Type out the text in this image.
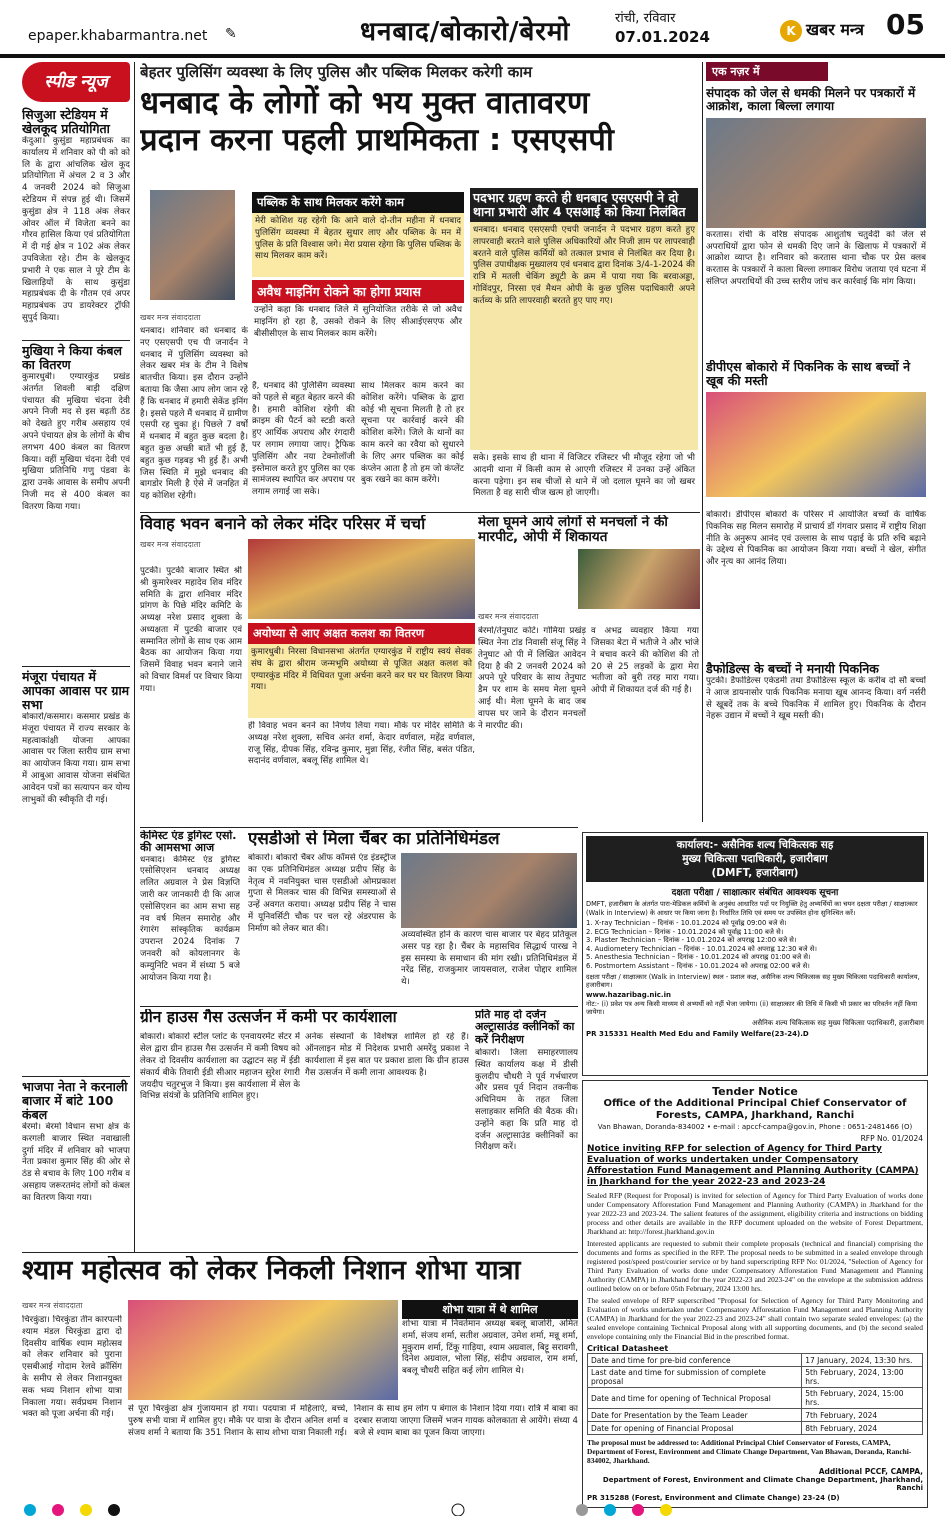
epaper.khabarmantra.net ✎	धनबाद/बोकारो/बेरमो	रांची, रविवार
07.01.2024	K खबर मन्त्र 05
स्पीड न्यूज
सिजुआ स्टेडियम में खेलकूद प्रतियोगिता
केंदुआ। कुसुंडा महाप्रबंधक का कार्यालय में शनिवार को पी को को लि के द्वारा आंचलिक खेल कूद प्रतियोगिता में अंचल 2 व 3 और 4 जनवरी 2024 को सिजुआ स्टेडियम में संपन्न हुई थी। जिसमें कुसुंडा क्षेत्र ने 118 अंक लेकर ओवर ऑल में विजेता बनने का गौरव हासिल किया एवं प्रतियोगिता में दी गई क्षेत्र न 102 अंक लेकर उपविजेता रहे। टीम के खेलकूद प्रभारी ने एक साल ने पूरे टीम के खिलाड़ियों के साथ कुसुंडा महाप्रबंधक दी के गौतम एवं अपर महाप्रबंधक उप डायरेक्टर ट्रॉफी सुपुर्द किया।
मुखिया ने किया कंबल का वितरण
कुमारधुबी। एग्यारकुंड प्रखंड अंतर्गत शिवली बाड़ी दक्षिण पंचायत की मुखिया चंदना देवी अपने निजी मद से इस बढ़ती ठंड को देखते हुए गरीब असहाय एवं अपने पंचायत क्षेत्र के लोगों के बीच लगभग 400 कंबल का वितरण किया। वहीं मुखिया चंदना देवी एवं मुखिया प्रतिनिधि गणु पंडवा के द्वारा उनके आवास के समीप अपनी निजी मद से 400 कंबल का वितरण किया गया।
मंजूरा पंचायत में आपका आवास पर ग्राम सभा
बोकारो/कसमार। कसमार प्रखंड के मंजूरा पंचायत में राज्य सरकार के महत्वाकांक्षी योजना आपका आवास पर जिला स्तरीय ग्राम सभा का आयोजन किया गया। ग्राम सभा में आबुआ आवास योजना संबंधित आवेदन पत्रों का सत्यापन कर योग्य लाभुकों की स्वीकृति दी गई।
भाजपा नेता ने करनाली बाजार में बांटे 100 कंबल
बेरमो। बेरमो विधान सभा क्षेत्र के करगली बाजार स्थित नवाखाली दुर्गा मंदिर में शनिवार को भाजपा नेता प्रकाश कुमार सिंह की ओर से ठंड से बचाव के लिए 100 गरीब व असहाय जरूरतमंद लोगों को कंबल का वितरण किया गया।
बेहतर पुलिसिंग व्यवस्था के लिए पुलिस और पब्लिक मिलकर करेगी काम
धनबाद के लोगों को भय मुक्त वातावरण
प्रदान करना पहली प्राथमिकता : एसएसपी
खबर मन्त्र संवाददाता
धनबाद। शनिवार को धनबाद के नए एसएसपी एच पी जनार्दन ने धनबाद में पुलिसिंग व्यवस्था को लेकर खबर मंत्र के टीम ने विशेष बातचीत किया। इस दौरान उन्होंने बताया कि जैसा आप लोग जान रहे हैं कि धनबाद में हमारी सेकेंड इनिंग है। इससे पहले मैं धनबाद में ग्रामीण एसपी रह चुका हूं। पिछले 7 वर्षों में धनबाद में बहुत कुछ बदला है। बहुत कुछ अच्छी बातें भी हुई हैं, बहुत कुछ गड़बड़ भी हुई हैं। अभी जिस स्थिति में मुझे धनबाद की बागडोर मिली है ऐसे में जनहित में यह कोशिश रहेगी।
पब्लिक के साथ मिलकर करेंगे काम
मेरी कोशिश यह रहेगी कि आने वाले दो-तीन महीना में धनबाद पुलिसिंग व्यवस्था में बेहतर सुधार लाए और पब्लिक के मन में पुलिस के प्रति विश्वास जगे। मेरा प्रयास रहेगा कि पुलिस पब्लिक के साथ मिलकर काम करें।
अवैध माइनिंग रोकने का होगा प्रयास
उन्होंने कहा कि धनबाद जिले में सुनियोजित तरीके से जो अवैध माइनिंग हो रहा है, उसको रोकने के लिए सीआईएसएफ और बीसीसीएल के साथ मिलकर काम करेंगे।
है, धनबाद की पुलिसिंग व्यवस्था को पहले से बहुत बेहतर करने की है। हमारी कोशिश रहेगी की क्राइम की पैटर्न को स्टडी करते हुए आर्थिक अपराध और रंगदारी पर लगाम लगाया जाए। ट्रैफिक पुलिसिंग और नया टेक्नोलॉजी इस्तेमाल करते हुए पुलिस का एक सामंजस्य स्थापित कर अपराध पर लगाम लगाई जा सके।
साथ मिलकर काम करने का कोशिश करेंगे। पब्लिक के द्वारा कोई भी सूचना मिलती है तो हर सूचना पर कार्रवाई करने की कोशिश करेंगे। जिले के थानों का काम करने का रवैया को सुधारने के लिए अगर पब्लिक का कोई कंप्लेन आता है तो हम जो कंप्लेंट बुक रखने का काम करेंगे।
पदभार ग्रहण करते ही धनबाद एसएसपी ने दो थाना प्रभारी और 4 एसआई को किया निलंबित
धनबाद। धनबाद एसएसपी एचपी जनार्दन ने पदभार ग्रहण करते हुए लापरवाही बरतने वाले पुलिस अधिकारियों और निजी ज्ञाम पर लापरवाही बरतने वाले पुलिस कर्मियों को तत्काल प्रभाव से निलंबित कर दिया है। पुलिस उपाधीक्षक मुख्यालय एवं धनबाद द्वारा दिनांक 3/4-1-2024 की रात्रि में मतली चेकिंग ड्यूटी के क्रम में पाया गया कि बरवाअड्डा, गोविंदपुर, निरसा एवं मैथन ओपी के कुछ पुलिस पदाधिकारी अपने कर्तव्य के प्रति लापरवाही बरतते हुए पाए गए।
सके। इसके साथ ही थाना में विजिटर रजिस्टर भी मौजूद रहेगा जो भी आदमी थाना में किसी काम से आएगी रजिस्टर में उनका उन्हें अंकित करना पड़ेगा। इन सब चीजों से थाने में जो दलाल घूमने का जो खबर मिलता है वह सारी चीज खत्म हो जाएगी।
एक नज़र में
संपादक को जेल से धमकी मिलने पर पत्रकारों में आक्रोश, काला बिल्ला लगाया
करतास। रांची के वरिष्ठ संपादक आशुतोष चतुर्वेदी को जेल से अपराधियों द्वारा फोन से धमकी दिए जाने के खिलाफ में पत्रकारों में आक्रोश व्याप्त है। शनिवार को करतास थाना चौक पर प्रेस क्लब करतास के पत्रकारों ने काला बिल्ला लगाकर विरोध जताया एवं घटना में संलिप्त अपराधियों की उच्च स्तरीय जांच कर कार्रवाई कि मांग किया।
डीपीएस बोकारो में पिकनिक के साथ बच्चों ने खूब की मस्ती
बोकारो। डीपीएस बोकारो के परिसर में आयोजित बच्चों के वार्षिक पिकनिक सह मिलन समारोह में प्राचार्य डॉ गंगवार प्रसाद में राष्ट्रीय शिक्षा नीति के अनुरूप आनंद एवं उल्लास के साथ पढ़ाई के प्रति रुचि बढ़ाने के उद्देश्य से पिकनिक का आयोजन किया गया। बच्चों ने खेल, संगीत और नृत्य का आनंद लिया।
डैफोडिल्स के बच्चों ने मनायी पिकनिक
पुटकी। डैफोडिल्स एकेडमी तथा डैफोडिल्स स्कूल के करीब दो सौ बच्चों ने आज डायनासोर पार्क पिकनिक मनाया खूब आनन्द किया। वर्ग नर्सरी से खूबदें तक के बच्चे पिकनिक में शामिल हुए। पिकनिक के दौरान नेहरू उद्यान में बच्चों ने खूब मस्ती की।
विवाह भवन बनाने को लेकर मंदिर परिसर में चर्चा
खबर मन्त्र संवाददाता
पुटकी। पुटकी बाजार स्थित श्री श्री कुमारेश्वर महादेव शिव मंदिर समिति के द्वारा शनिवार मंदिर प्रांगण के पिछे मंदिर कमिटि के अध्यक्ष नरेश प्रसाद शुक्ला के अध्यक्षता में पुटकी बाजार एवं सम्मानित लोगों के साथ एक आम बैठक का आयोजन किया गया जिसमें विवाह भवन बनाने जाने को विचार विमर्श पर विचार किया गया।
अयोध्या से आए अक्षत कलश का वितरण
कुमारधुबी। निरसा विधानसभा अंतर्गत एग्यारकुंड में राष्ट्रीय स्वयं सेवक संघ के द्वारा श्रीराम जन्मभूमि अयोध्या से पूजित अक्षत कलश को एग्यारकुंड मंदिर में विधिवत पूजा अर्चना करने कर घर घर वितरण किया गया।
ही विवाह भवन बनने का निर्णय लिया गया। मौके पर मंदिर समिति के अध्यक्ष नरेश शुक्ला, सचिव अनंत शर्मा, केदार वर्णवाल, महेंद्र वर्णवाल, राजू सिंह, दीपक सिंह, रविन्द्र कुमार, मुन्ना सिंह, रंजीत सिंह, बसंत पंडित, सदानंद वर्णवाल, बबलू सिंह शामिल थे।
मेला घूमने आये लोगों से मनचलों ने की मारपीट, ओपी में शिकायत
खबर मन्त्र संवाददाता
बेरमो/तेनुघाट कोटे। गोमिया प्रखंड़ स्थित नेना टांड निवासी संजू सिंह ने तेनुघाट ओ पी में लिखित आवेदन दिया है की 2 जनवरी 2024 को अपने पूरे परिवार के साथ तेनुघाट डैम पर शाम के समय मेला घूमने आई थी। मेला घूमने के बाद जब वापस घर जाने के दौरान मनचलों ने मारपीट की।
व अभद्र व्यवहार किया गया जिसका बेटा में भतीजे ने और भांजे ने बचाव करने की कोशिश की तो 20 से 25 लड़कों के द्वारा मेरा भतीजा को बुरी तरह मारा गया। ओपी में शिकायत दर्ज की गई है।
केमिस्ट एंड ड्रगिस्ट एसो. की आमसभा आज
धनबाद। केमिस्ट एंड ड्रगिस्ट एसोसिएशन धनबाद अध्यक्ष ललित अग्रवाल ने प्रेस विज्ञप्ति जारी कर जानकारी दी कि आज एसोसिएशन का आम सभा सह नव वर्ष मिलन समारोह और रंगारंग सांस्कृतिक कार्यक्रम उपरान्त 2024 दिनांक 7 जनवरी को कोयलानगर के कम्युनिटि भवन में संध्या 5 बजे आयोजन किया गया है।
एसडीओ से मिला चैंबर का प्रतिनिधिमंडल
बोकारो। बोकारो चैंबर ऑफ कॉमर्स एंड इंडस्ट्रीज का एक प्रतिनिधिमंडल अध्यक्ष प्रदीप सिंह के नेतृत्व में नवनियुक्त चास एसडीओ ओमप्रकाश गुप्ता से मिलकर चास की विभिन्न समस्याओं से उन्हें अवगत कराया। अध्यक्ष प्रदीप सिंह ने चास में यूनिवर्सिटी चौक पर चल रहे अंडरपास के निर्माण को लेकर बात की।
अव्यवस्थित होने के कारण चास बाजार पर बेहद प्रतिकूल असर पड़ रहा है। चैंबर के महासचिव सिद्धार्थ पारख ने इस समस्या के समाधान की मांग रखी। प्रतिनिधिमंडल में नरेंद्र सिंह, राजकुमार जायसवाल, राजेश पोद्दार शामिल थे।
ग्रीन हाउस गैस उत्सर्जन में कमी पर कार्यशाला
बोकारो। बोकारो स्टील प्लांट के एनवायरमेंट सेंटर में सेल द्वारा ग्रीन हाउस गैस उत्सर्जन में कमी विषय को लेकर दो दिवसीय कार्यशाला का उद्घाटन सह में ईडी संकार्य बीके तिवारी ईडी सीआर महाजन सुरेश रंगारी जयदीप चतुरभुज ने किया। इस कार्यशाला में सेल के विभिन्न संयंत्रों के प्रतिनिधि शामिल हुए।
अनेक संस्थानों के विशेषज्ञ शामिल हो रहे हैं। ऑनलाइन मोड में निदेशक प्रभारी अमरेंदु प्रकाश ने कार्यशाला में इस बात पर प्रकाश डाला कि ग्रीन हाउस गैस उत्सर्जन में कमी लाना आवश्यक है।
प्रति माह दो दर्जन अल्ट्रासाउंड क्लीनिकों का करें निरीक्षण
बोकारो। जिला समाहरणालय स्थित कार्यालय कक्ष में डीसी कुलदीप चौधरी ने पूर्व गर्भधारण और प्रसव पूर्व निदान तकनीक अधिनियम के तहत जिला सलाहकार समिति की बैठक की। उन्होंने कहा कि प्रति माह दो दर्जन अल्ट्रासाउंड क्लीनिकों का निरीक्षण करें।
कार्यालय:- असैनिक शल्य चिकित्सक सह
मुख्य चिकित्सा पदाधिकारी, हजारीबाग
(DMFT, हजारीबाग)
दक्षता परीक्षा / साक्षात्कार संबंधित आवश्यक सूचना
DMFT, हजारीबाग के अंतर्गत पारा-मेडिकल कर्मियों के अनुबंध आधारित पदों पर नियुक्ति हेतु अभ्यर्थियों का चयन दक्षता परीक्षा / साक्षात्कार (Walk in Interview) के आधार पर किया जाना है। निर्धारित तिथि एवं समय पर उपस्थित होना सुनिश्चित करें।
1. X-ray Technician – दिनांक - 10.01.2024 को पूर्वाह्न 09:00 बजे से।
2. ECG Technician – दिनांक - 10.01.2024 को पूर्वाह्न 11:00 बजे से।
3. Plaster Technician – दिनांक - 10.01.2024 को अपराह्न 12:00 बजे से।
4. Audiometery Technician – दिनांक - 10.01.2024 को अपराह्न 12:30 बजे से।
5. Anesthesia Technician – दिनांक - 10.01.2024 को अपराह्न 01:00 बजे से।
6. Postmortem Assistant – दिनांक - 10.01.2024 को अपराह्न 02:00 बजे से।
दक्षता परीक्षा / साक्षात्कार (Walk in Interview) स्थल - प्रशाल कक्ष, असैनिक शल्य चिकित्सक सह मुख्य चिकित्सा पदाधिकारी कार्यालय, हजारीबाग।
www.hazaribag.nic.in
नोट:- (i) प्रवेश पत्र अन्य किसी माध्यम से अभ्यर्थी को नहीं भेजा जायेगा। (ii) साक्षात्कार की तिथि में किसी भी प्रकार का परिवर्तन नहीं किया जायेगा।
असैनिक शल्य चिकित्सक सह मुख्य चिकित्सा पदाधिकारी, हजारीबाग
PR 315331 Health Med Edu and Family Welfare(23-24).D
Tender Notice
Office of the Additional Principal Chief Conservator of Forests, CAMPA, Jharkhand, Ranchi
Van Bhawan, Doranda-834002 • e-mail : apccf-campa@gov.in, Phone : 0651-2481466 (O)
RFP No. 01/2024
Notice inviting RFP for selection of Agency for Third Party Evaluation of works undertaken under Compensatory Afforestation Fund Management and Planning Authority (CAMPA) in Jharkhand for the year 2022-23 and 2023-24
Sealed RFP (Request for Proposal) is invited for selection of Agency for Third Party Evaluation of works done under Compensatory Afforestation Fund Management and Planning Authority (CAMPA) in Jharkhand for the year 2022-23 and 2023-24. The salient features of the assignment, eligibility criteria and instructions on bidding process and other details are available in the RFP document uploaded on the website of Forest Department, Jharkhand at: http://forest.jharkhand.gov.in
Interested applicants are requested to submit their complete proposals (technical and financial) comprising the documents and forms as specified in the RFP. The proposal needs to be submitted in a sealed envelope through registered post/speed post/courier service or by hand superscripting RFP No: 01/2024, "Selection of Agency for Third Party Evaluation of works done under Compensatory Afforestation Fund Management and Planning Authority (CAMPA) in Jharkhand for the year 2022-23 and 2023-24" on the envelope at the submission address outlined below on or before 05th February, 2024 13:00 hrs.
The sealed envelope of RFP superscribed "Proposal for Selection of Agency for Third Party Monitoring and Evaluation of works undertaken under Compensatory Afforestation Fund Management and Planning Authority (CAMPA) in Jharkhand for the year 2022-23 and 2023-24" shall contain two separate sealed envelopes: (a) the sealed envelope containing Technical Proposal along with all supporting documents, and (b) the second sealed envelope containing only the Financial Bid in the prescribed format.
Critical Datasheet
Date and time for pre-bid conference	17 January, 2024, 13:30 hrs.
Last date and time for submission of complete proposal	5th February, 2024, 13:00 hrs.
Date and time for opening of Technical Proposal	5th February, 2024, 15:00 hrs.
Date for Presentation by the Team Leader	7th February, 2024
Date for opening of Financial Proposal	8th February, 2024
The proposal must be addressed to: Additional Principal Chief Conservator of Forests, CAMPA, Department of Forest, Environment and Climate Change Department, Van Bhawan, Doranda, Ranchi-834002, Jharkhand.
Additional PCCF, CAMPA,
Department of Forest, Environment and Climate Change Department, Jharkhand, Ranchi
PR 315288 (Forest, Environment and Climate Change) 23-24 (D)
श्याम महोत्सव को लेकर निकली निशान शोभा यात्रा
खबर मन्त्र संवाददाता
चिरकुंडा। चिरकुंडा तीन कारपत्नी श्याम मंडल चिरकुंडा द्वारा दो दिवसीय वार्षिक श्याम महोत्सव को लेकर शनिवार को पुराना एसबीआई गोदाम रेलवे क्रॉसिंग के समीप से लेकर निशानयुक्त सक भव्य निशान शोभा यात्रा निकाला गया। सर्वप्रथम निशान भक्त को पूजा अर्चना की गई।
शोभा यात्रा में थे शामिल
शोभा यात्रा में निवर्तमान अध्यक्ष बबलू बाजोरी, अमित शर्मा, संजय शर्मा, सतीश अग्रवाल, उमेश शर्मा, मन्नू शर्मा, मुकुराम शर्मा, टिंकू गाड़िया, श्याम अग्रवाल, बिट्टू सरावगी, दिनेश अग्रवाल, भोला सिंह, संदीप अग्रवाल, राम शर्मा, बबलू चौधरी सहित कई लोग शामिल थे।
से पूरा चिरकुंडा क्षेत्र गुंजायमान हो गया। पदयात्रा में महिलाएं, बच्चे, पुरुष सभी यात्रा में शामिल हुए। मौके पर यात्रा के दौरान अनिल शर्मा व संजय शर्मा ने बताया कि 351 निशान के साथ शोभा यात्रा निकाली गई।
निशान के साथ हम लोग प बंगाल के निशान दिया गया। रात्रि में बाबा का दरबार सजाया जाएगा जिसमें भजन गायक कोलकाता से आयेंगे। संध्या 4 बजे से श्याम बाबा का पूजन किया जाएगा।
